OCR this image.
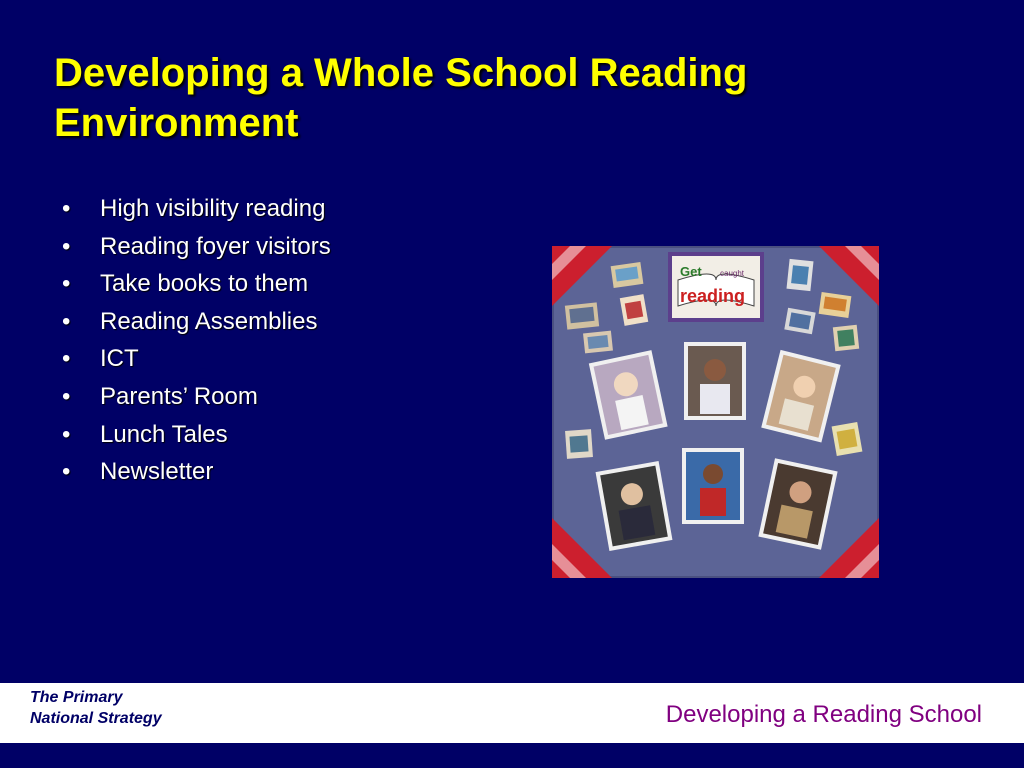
Developing a Whole School Reading
Environment
• High visibility reading
• Reading foyer visitors
• Take books to them
• Reading Assemblies
• ICT
• Parents’ Room
• Lunch Tales
• Newsletter
Get caught
reading
The Primary
National Strategy	Developing a Reading School
